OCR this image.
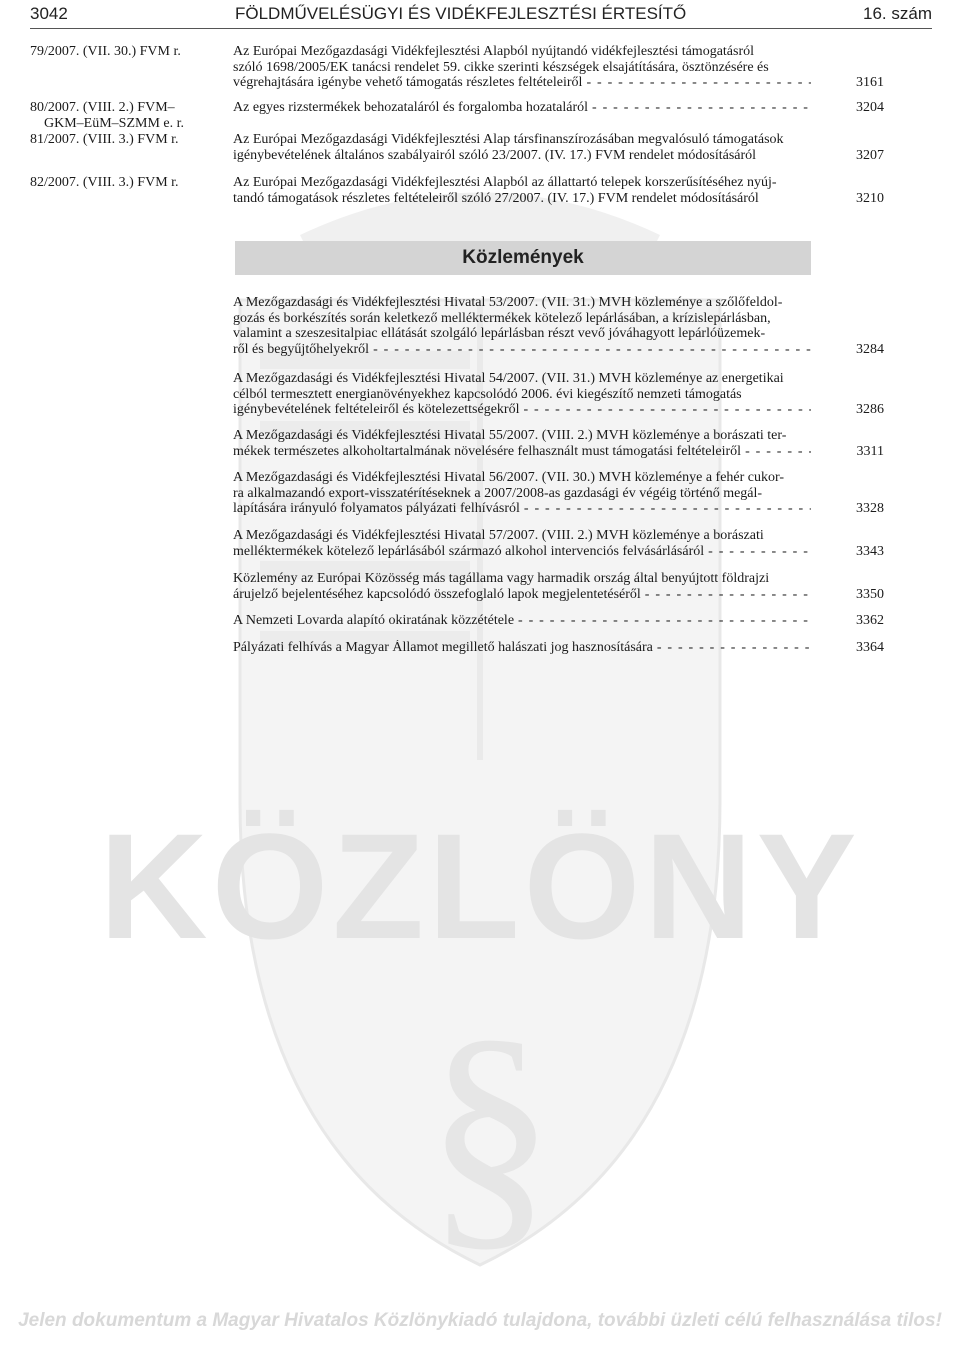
KÖZLÖNY
§
3042	FÖLDMŰVELÉSÜGYI ÉS VIDÉKFEJLESZTÉSI ÉRTESÍTŐ	16. szám
79/2007. (VII. 30.) FVM r.	Az Európai Mezőgazdasági Vidékfejlesztési Alapból nyújtandó vidékfejlesztési támogatásról
szóló 1698/2005/EK tanácsi rendelet 59. cikke szerinti készségek elsajátítására, ösztönzésére és
végrehajtására igénybe vehető támogatás részletes feltételeiről - - -	3161
80/2007. (VIII. 2.) FVM–
GKM–EüM–SZMM e. r.
Az egyes rizstermékek behozataláról és forgalomba hozataláról - - -	3204
81/2007. (VIII. 3.) FVM r.	Az Európai Mezőgazdasági Vidékfejlesztési Alap társfinanszírozásában megvalósuló támogatások
igénybevételének általános szabályairól szóló 23/2007. (IV. 17.) FVM rendelet módosításáról	3207
82/2007. (VIII. 3.) FVM r.	Az Európai Mezőgazdasági Vidékfejlesztési Alapból az állattartó telepek korszerűsítéséhez nyúj-
tandó támogatások részletes feltételeiről szóló 27/2007. (IV. 17.) FVM rendelet módosításáról	3210
Közlemények
A Mezőgazdasági és Vidékfejlesztési Hivatal 53/2007. (VII. 31.) MVH közleménye a szőlőfeldol-
gozás és borkészítés során keletkező melléktermékek kötelező lepárlásában, a krízislepárlásban,
valamint a szeszesitalpiac ellátását szolgáló lepárlásban részt vevő jóváhagyott lepárlóüzemek-
ről és begyűjtőhelyekről - - -	3284
A Mezőgazdasági és Vidékfejlesztési Hivatal 54/2007. (VII. 31.) MVH közleménye az energetikai
célból termesztett energianövényekhez kapcsolódó 2006. évi kiegészítő nemzeti támogatás
igénybevételének feltételeiről és kötelezettségekről - - -	3286
A Mezőgazdasági és Vidékfejlesztési Hivatal 55/2007. (VIII. 2.) MVH közleménye a borászati ter-
mékek természetes alkoholtartalmának növelésére felhasznált must támogatási feltételeiről - - -	3311
A Mezőgazdasági és Vidékfejlesztési Hivatal 56/2007. (VII. 30.) MVH közleménye a fehér cukor-
ra alkalmazandó export-visszatérítéseknek a 2007/2008-as gazdasági év végéig történő megál-
lapítására irányuló folyamatos pályázati felhívásról - - -	3328
A Mezőgazdasági és Vidékfejlesztési Hivatal 57/2007. (VIII. 2.) MVH közleménye a borászati
melléktermékek kötelező lepárlásából származó alkohol intervenciós felvásárlásáról - - -	3343
Közlemény az Európai Közösség más tagállama vagy harmadik ország által benyújtott földrajzi
árujelző bejelentéséhez kapcsolódó összefoglaló lapok megjelentetéséről - - -	3350
A Nemzeti Lovarda alapító okiratának közzététele - - -	3362
Pályázati felhívás a Magyar Államot megillető halászati jog hasznosítására - - -	3364
Jelen dokumentum a Magyar Hivatalos Közlönykiadó tulajdona, további üzleti célú felhasználása tilos!
